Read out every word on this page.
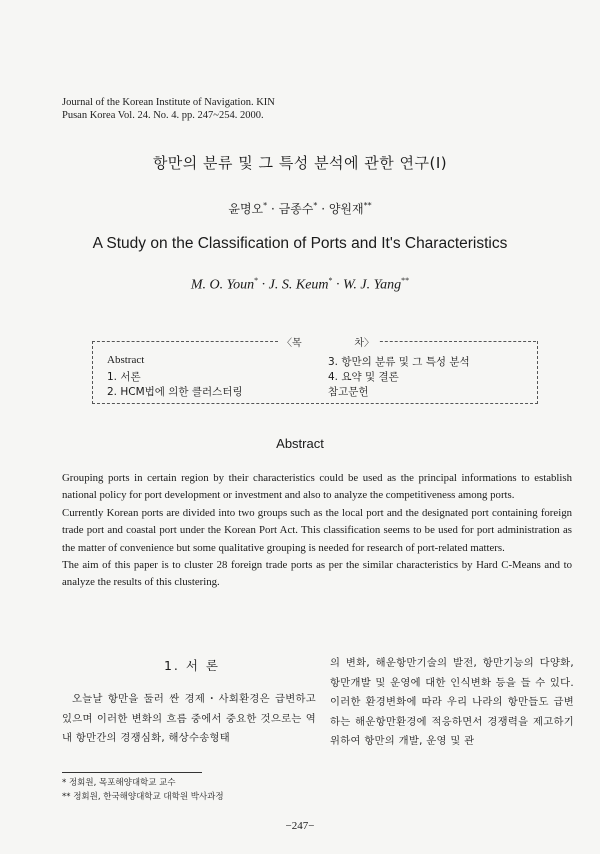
Journal of the Korean Institute of Navigation. KIN
Pusan Korea Vol. 24. No. 4. pp. 247~254. 2000.
항만의 분류 및 그 특성 분석에 관한 연구(Ⅰ)
윤명오* · 금종수* · 양원재**
A Study on the Classification of Ports and It's Characteristics
M. O. Youn* · J. S. Keum* · W. J. Yang**
〈목	차〉
Abstract
1. 서론
2. HCM법에 의한 클러스터링
3. 항만의 분류 및 그 특성 분석
4. 요약 및 결론
참고문헌
Abstract

Grouping ports in certain region by their characteristics could be used as the principal informations to establish national policy for port development or investment and also to analyze the competitiveness among ports.

Currently Korean ports are divided into two groups such as the local port and the designated port containing foreign trade port and coastal port under the Korean Port Act. This classification seems to be used for port administration as the matter of convenience but some qualitative grouping is needed for research of port-related matters.

The aim of this paper is to cluster 28 foreign trade ports as per the similar characteristics by Hard C-Means and to analyze the results of this clustering.

1. 서 론
오늘날 항만을 둘러 싼 경제・사회환경은 급변하고 있으며 이러한 변화의 흐름 중에서 중요한 것으로는 역내 항만간의 경쟁심화, 해상수송형태
의 변화, 해운항만기술의 발전, 항만기능의 다양화, 항만개발 및 운영에 대한 인식변화 등을 들 수 있다. 이러한 환경변화에 따라 우리 나라의 항만들도 급변하는 해운항만환경에 적응하면서 경쟁력을 제고하기 위하여 항만의 개발, 운영 및 관
* 정회원, 목포해양대학교 교수
** 정회원, 한국해양대학교 대학원 박사과정
−247−
